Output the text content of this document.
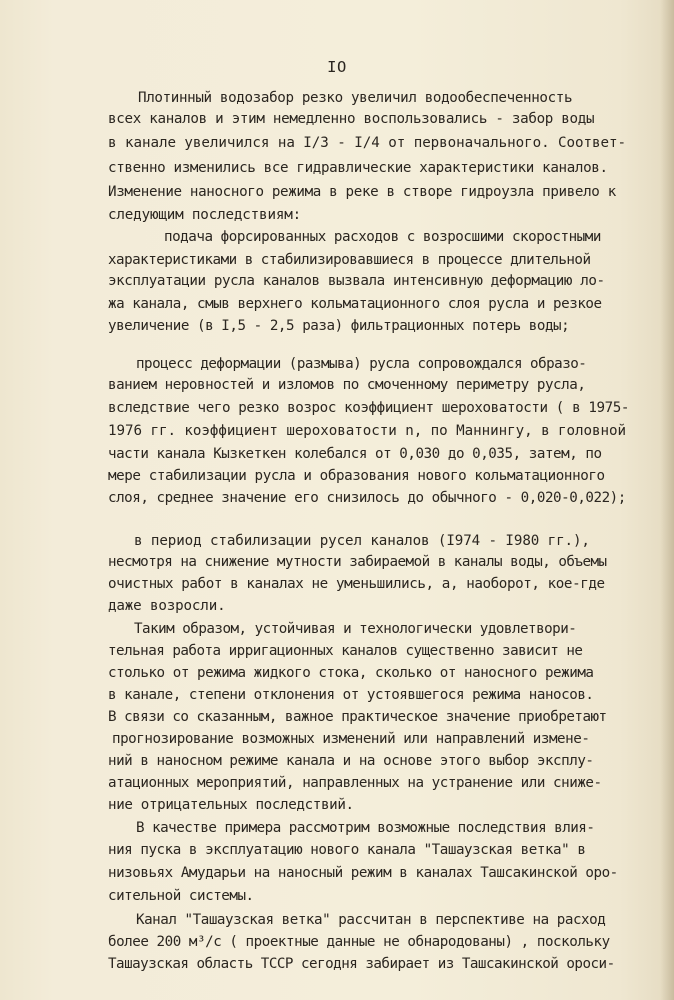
IO
Плотинный водозабор резко увеличил водообеспеченность
всех каналов и этим немедленно воспользовались - забор воды
в канале увеличился на I/3 - I/4 от первоначального. Соответ-
ственно изменились все гидравлические характеристики каналов.
Изменение наносного режима в реке в створе гидроузла привело к
следующим последствиям:
подача форсированных расходов с возросшими скоростными
характеристиками в стабилизировавшиеся в процессе длительной
эксплуатации русла каналов вызвала интенсивную деформацию ло-
жа канала, смыв верхнего кольматационного слоя русла и резкое
увеличение (в I,5 - 2,5 раза) фильтрационных потерь воды;
процесс деформации (размыва) русла сопровождался образо-
ванием неровностей и изломов по смоченному периметру русла,
вследствие чего резко возрос коэффициент шероховатости ( в 1975-
1976 гг. коэффициент шероховатости n, по Маннингу, в головной
части канала Кызкеткен колебался от 0,030 до 0,035, затем, по
мере стабилизации русла и образования нового кольматационного
слоя, среднее значение его снизилось до обычного - 0,020-0,022);
в период стабилизации русел каналов (I974 - I980 гг.),
несмотря на снижение мутности забираемой в каналы воды, объемы
очистных работ в каналах не уменьшились, а, наоборот, кое-где
даже возросли.
Таким образом, устойчивая и технологически удовлетвори-
тельная работа ирригационных каналов существенно зависит не
столько от режима жидкого стока, сколько от наносного режима
в канале, степени отклонения от устоявшегося режима наносов.
В связи со сказанным, важное практическое значение приобретают
прогнозирование возможных изменений или направлений измене-
ний в наносном режиме канала и на основе этого выбор эксплу-
атационных мероприятий, направленных на устранение или сниже-
ние отрицательных последствий.
В качестве примера рассмотрим возможные последствия влия-
ния пуска в эксплуатацию нового канала "Ташаузская ветка" в
низовьях Амударьи на наносный режим в каналах Ташсакинской оро-
сительной системы.
Канал "Ташаузская ветка" рассчитан в перспективе на расход
более 200 м³/с ( проектные данные не обнародованы) , поскольку
Ташаузская область ТССР сегодня забирает из Ташсакинской ороси-
